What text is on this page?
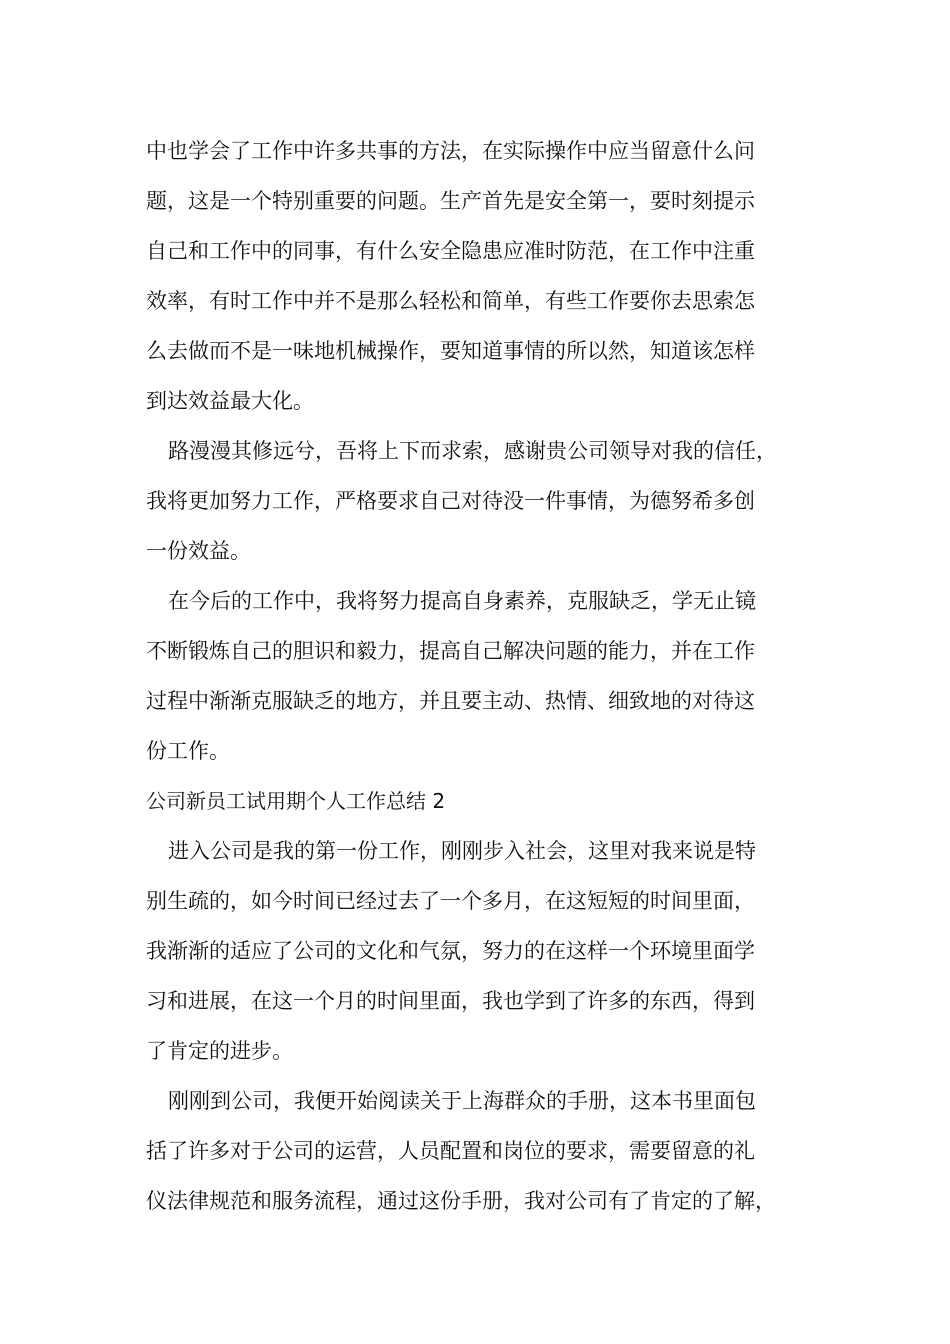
中也学会了工作中许多共事的方法，在实际操作中应当留意什么问
题，这是一个特别重要的问题。生产首先是安全第一，要时刻提示
自己和工作中的同事，有什么安全隐患应准时防范，在工作中注重
效率，有时工作中并不是那么轻松和简单，有些工作要你去思索怎
么去做而不是一味地机械操作，要知道事情的所以然，知道该怎样
到达效益最大化。
路漫漫其修远兮，吾将上下而求索，感谢贵公司领导对我的信任，
我将更加努力工作，严格要求自己对待没一件事情，为德努希多创
一份效益。
在今后的工作中，我将努力提高自身素养，克服缺乏，学无止镜
不断锻炼自己的胆识和毅力，提高自己解决问题的能力，并在工作
过程中渐渐克服缺乏的地方，并且要主动、热情、细致地的对待这
份工作。
公司新员工试用期个人工作总结 2
进入公司是我的第一份工作，刚刚步入社会，这里对我来说是特
别生疏的，如今时间已经过去了一个多月，在这短短的时间里面，
我渐渐的适应了公司的文化和气氛，努力的在这样一个环境里面学
习和进展，在这一个月的时间里面，我也学到了许多的东西，得到
了肯定的进步。
刚刚到公司，我便开始阅读关于上海群众的手册，这本书里面包
括了许多对于公司的运营，人员配置和岗位的要求，需要留意的礼
仪法律规范和服务流程，通过这份手册，我对公司有了肯定的了解，
